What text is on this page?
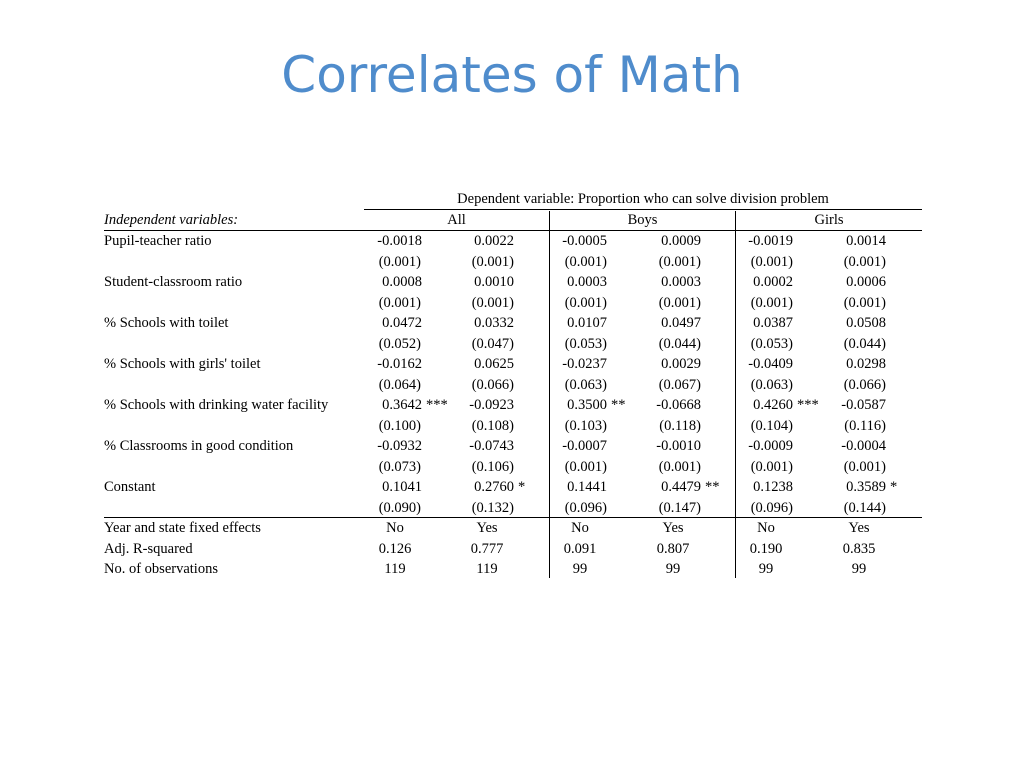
Correlates of Math
Dependent variable: Proportion who can solve division problem
Independent variables:	All	Boys	Girls
Pupil-teacher ratio	-0.0018	0.0022	-0.0005	0.0009	-0.0019	0.0014
(0.001)	(0.001)	(0.001)	(0.001)	(0.001)	(0.001)
Student-classroom ratio	0.0008	0.0010	0.0003	0.0003	0.0002	0.0006
(0.001)	(0.001)	(0.001)	(0.001)	(0.001)	(0.001)
% Schools with toilet	0.0472	0.0332	0.0107	0.0497	0.0387	0.0508
(0.052)	(0.047)	(0.053)	(0.044)	(0.053)	(0.044)
% Schools with girls' toilet	-0.0162	0.0625	-0.0237	0.0029	-0.0409	0.0298
(0.064)	(0.066)	(0.063)	(0.067)	(0.063)	(0.066)
% Schools with drinking water facility	0.3642 ***	-0.0923	0.3500 **	-0.0668	0.4260 ***	-0.0587
(0.100)	(0.108)	(0.103)	(0.118)	(0.104)	(0.116)
% Classrooms in good condition	-0.0932	-0.0743	-0.0007	-0.0010	-0.0009	-0.0004
(0.073)	(0.106)	(0.001)	(0.001)	(0.001)	(0.001)
Constant	0.1041	0.2760 *	0.1441	0.4479 **	0.1238	0.3589 *
(0.090)	(0.132)	(0.096)	(0.147)	(0.096)	(0.144)
Year and state fixed effects	No	Yes	No	Yes	No	Yes
Adj. R-squared	0.126	0.777	0.091	0.807	0.190	0.835
No. of observations	119	119	99	99	99	99
